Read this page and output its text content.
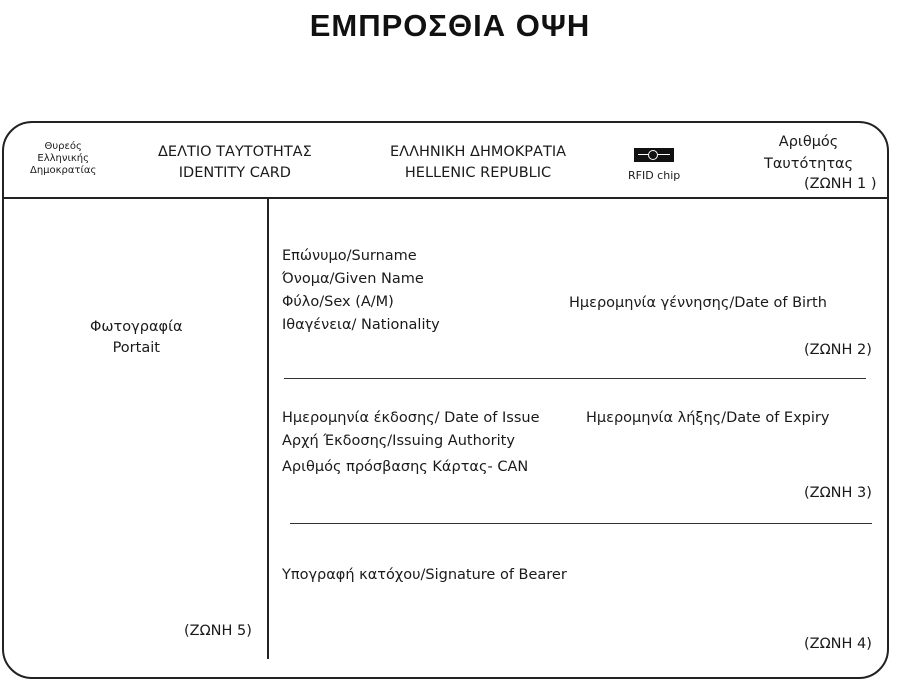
ΕΜΠΡΟΣΘΙΑ ΟΨΗ
Θυρεός
Ελληνικής
Δημοκρατίας
ΔΕΛΤΙΟ ΤΑΥΤΟΤΗΤΑΣ
IDENTITY CARD
ΕΛΛΗΝΙΚΗ ΔΗΜΟΚΡΑΤΙΑ
HELLENIC REPUBLIC	RFID chip
Αριθμός
Ταυτότητας
(ΖΩΝΗ 1 )
Φωτογραφία
Portait
(ΖΩΝΗ 5)
Επώνυμο/Surname
Όνομα/Given Name
Φύλο/Sex (A/M)
Ιθαγένεια/ Nationality
Ημερομηνία γέννησης/Date of Birth
(ΖΩΝΗ 2)
Ημερομηνία έκδοσης/ Date of Issue	Ημερομηνία λήξης/Date of Expiry
Αρχή Έκδοσης/Issuing Authority
Αριθμός πρόσβασης Κάρτας- CAN
(ΖΩΝΗ 3)
Υπογραφή κατόχου/Signature of Bearer
(ΖΩΝΗ 4)
